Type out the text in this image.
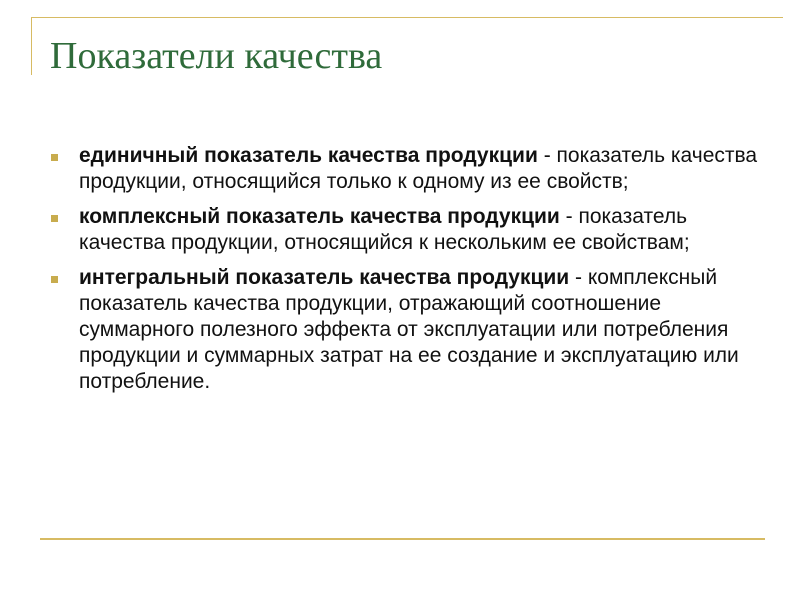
Показатели качества
единичный показатель качества продукции - показатель качества продукции, относящийся только к одному из ее свойств;
комплексный показатель качества продукции - показатель качества продукции, относящийся к нескольким ее свойствам;
интегральный показатель качества продукции - комплексный показатель качества продукции, отражающий соотношение суммарного полезного эффекта от эксплуатации или потребления продукции и суммарных затрат на ее создание и эксплуатацию или потребление.
